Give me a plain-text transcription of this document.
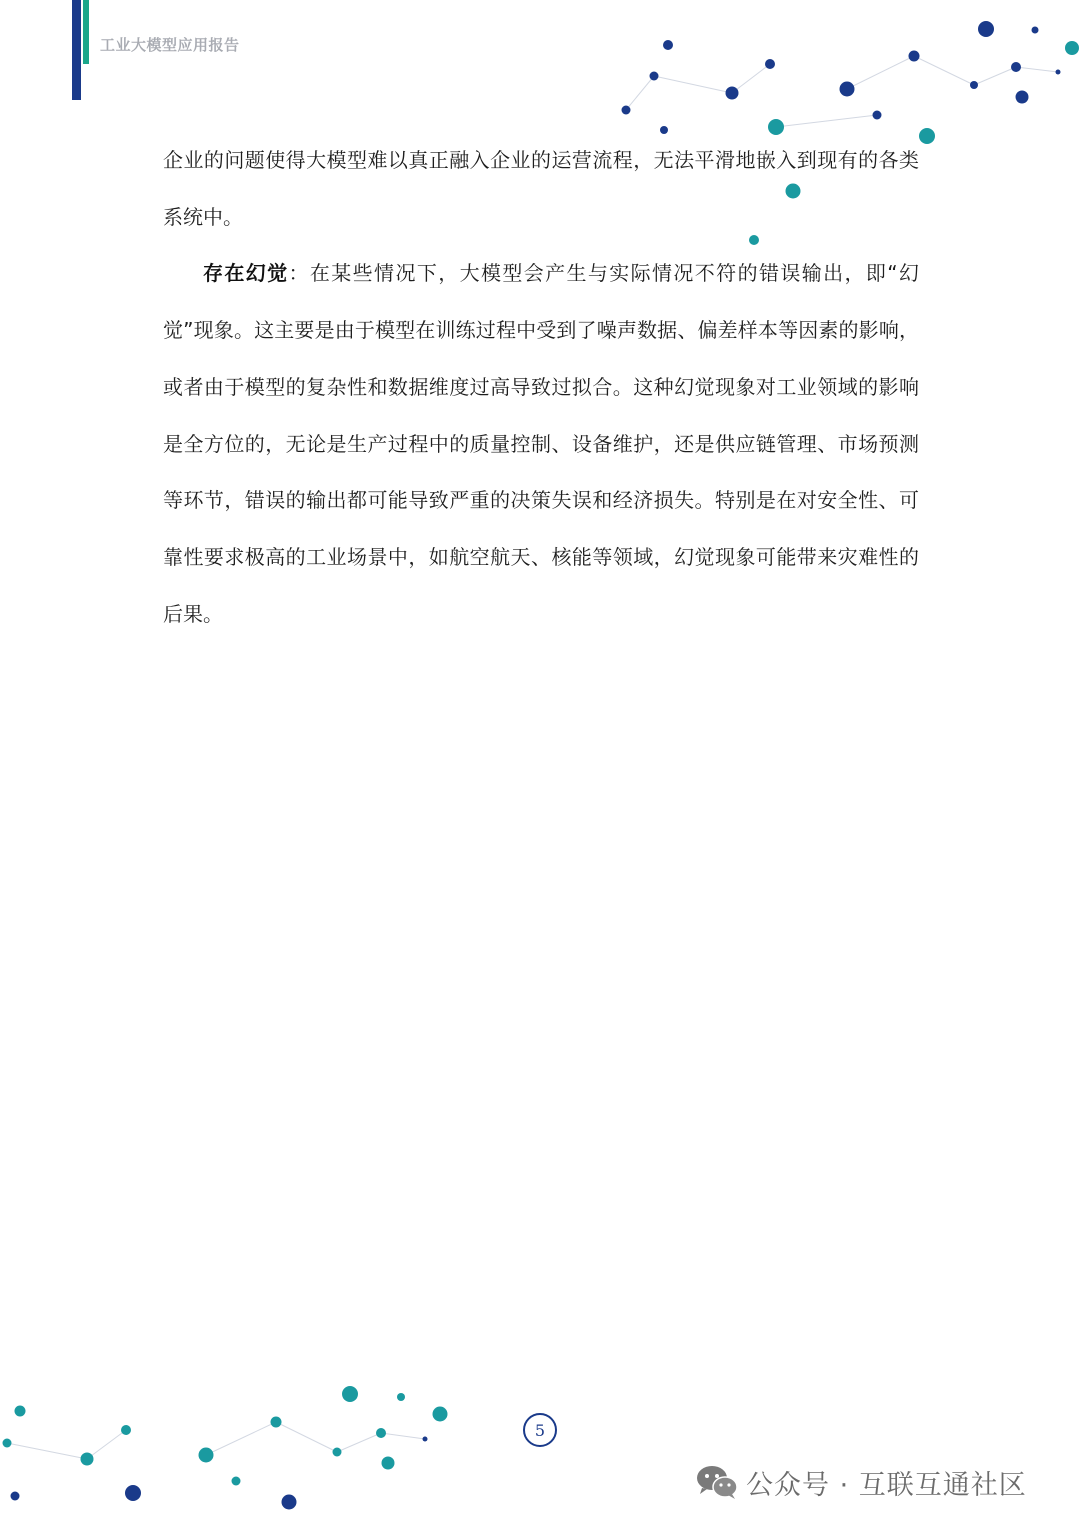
工业大模型应用报告

企业的问题使得大模型难以真正融入企业的运营流程，无法平滑地嵌入到现有的各类系统中。

存在幻觉：在某些情况下，大模型会产生与实际情况不符的错误输出，即“幻觉”现象。这主要是由于模型在训练过程中受到了噪声数据、偏差样本等因素的影响，或者由于模型的复杂性和数据维度过高导致过拟合。这种幻觉现象对工业领域的影响是全方位的，无论是生产过程中的质量控制、设备维护，还是供应链管理、市场预测等环节，错误的输出都可能导致严重的决策失误和经济损失。特别是在对安全性、可靠性要求极高的工业场景中，如航空航天、核能等领域，幻觉现象可能带来灾难性的后果。

5
公众号 · 互联互通社区
